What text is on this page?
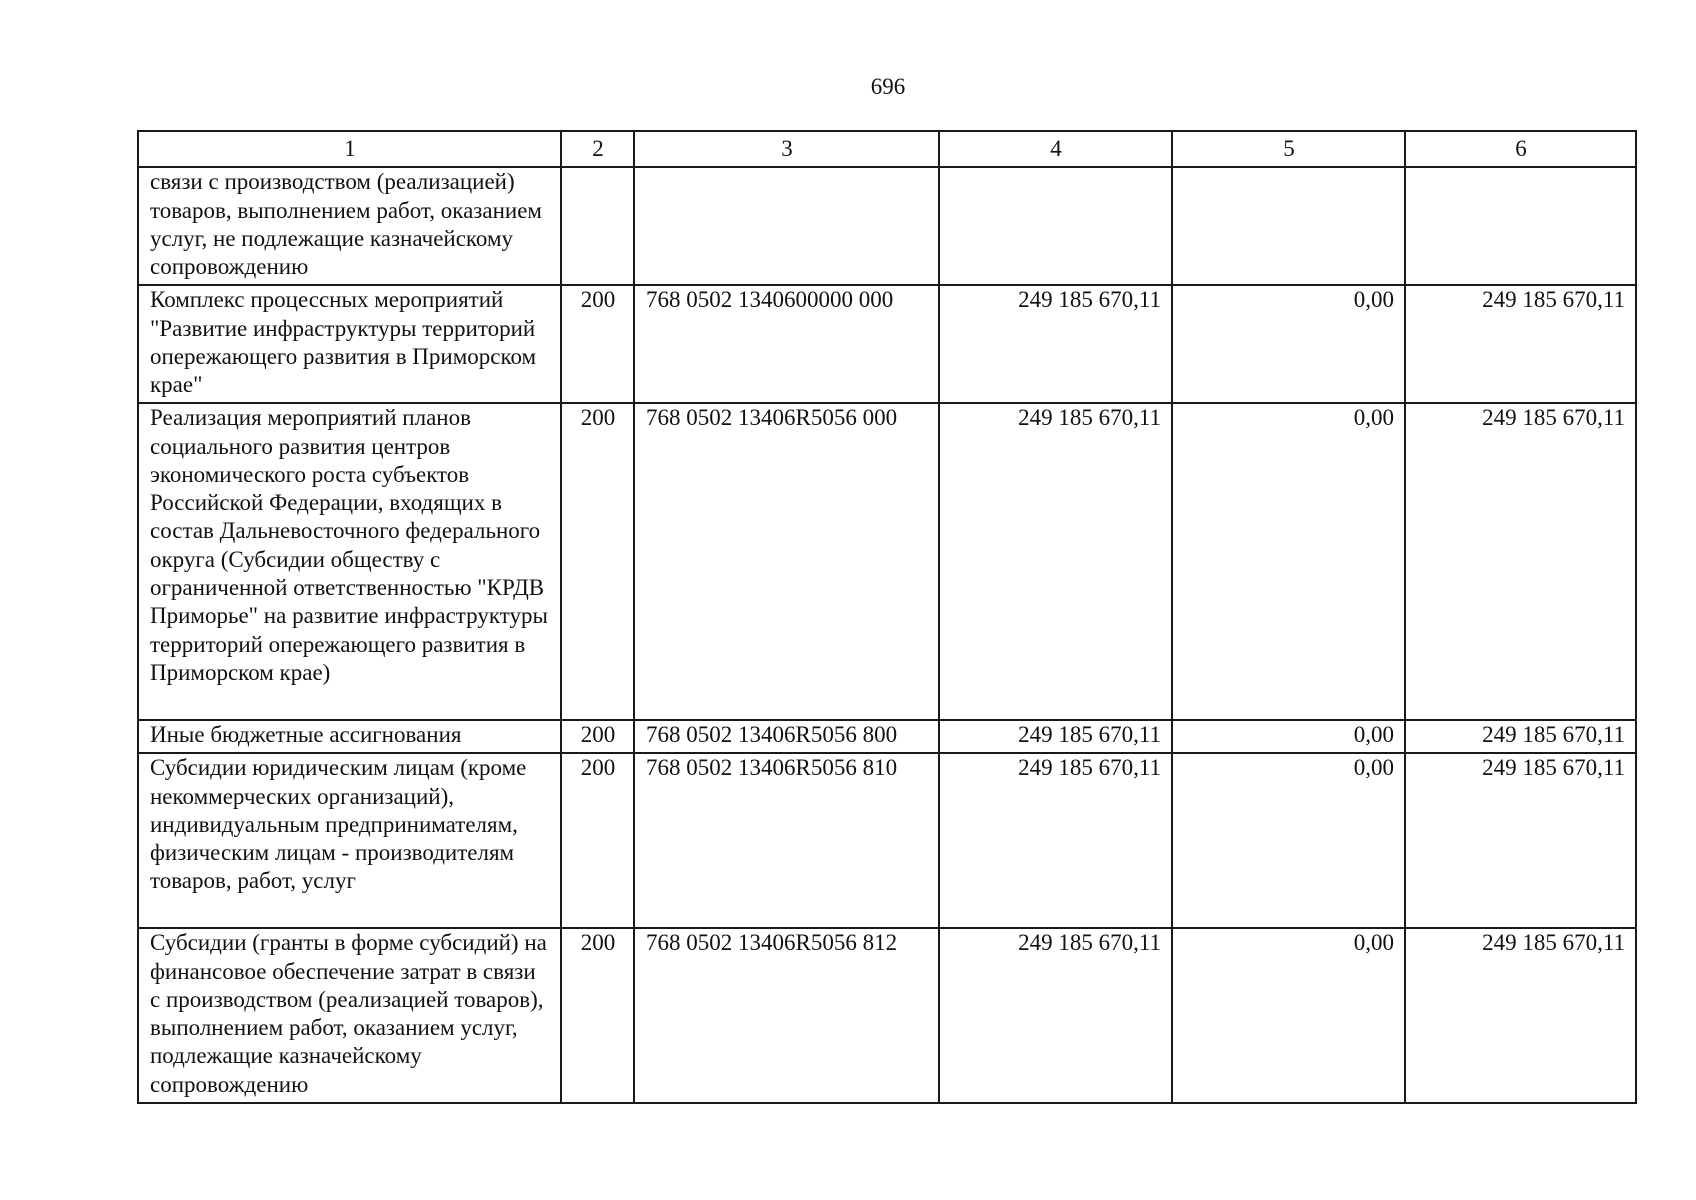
696
1	2	3	4	5	6
связи с производством (реализацией) товаров, выполнением работ, оказанием услуг, не подлежащие казначейскому сопровождению					
Комплекс процессных мероприятий "Развитие инфраструктуры территорий опережающего развития в Приморском крае"	200	768 0502 1340600000 000	249 185 670,11	0,00	249 185 670,11
Реализация мероприятий планов социального развития центров экономического роста субъектов Российской Федерации, входящих в состав Дальневосточного федерального округа (Субсидии обществу с ограниченной ответственностью "КРДВ Приморье" на развитие инфраструктуры территорий опережающего развития в Приморском крае)	200	768 0502 13406R5056 000	249 185 670,11	0,00	249 185 670,11
Иные бюджетные ассигнования	200	768 0502 13406R5056 800	249 185 670,11	0,00	249 185 670,11
Субсидии юридическим лицам (кроме некоммерческих организаций), индивидуальным предпринимателям, физическим лицам - производителям товаров, работ, услуг	200	768 0502 13406R5056 810	249 185 670,11	0,00	249 185 670,11
Субсидии (гранты в форме субсидий) на финансовое обеспечение затрат в связи с производством (реализацией товаров), выполнением работ, оказанием услуг, подлежащие казначейскому сопровождению	200	768 0502 13406R5056 812	249 185 670,11	0,00	249 185 670,11
